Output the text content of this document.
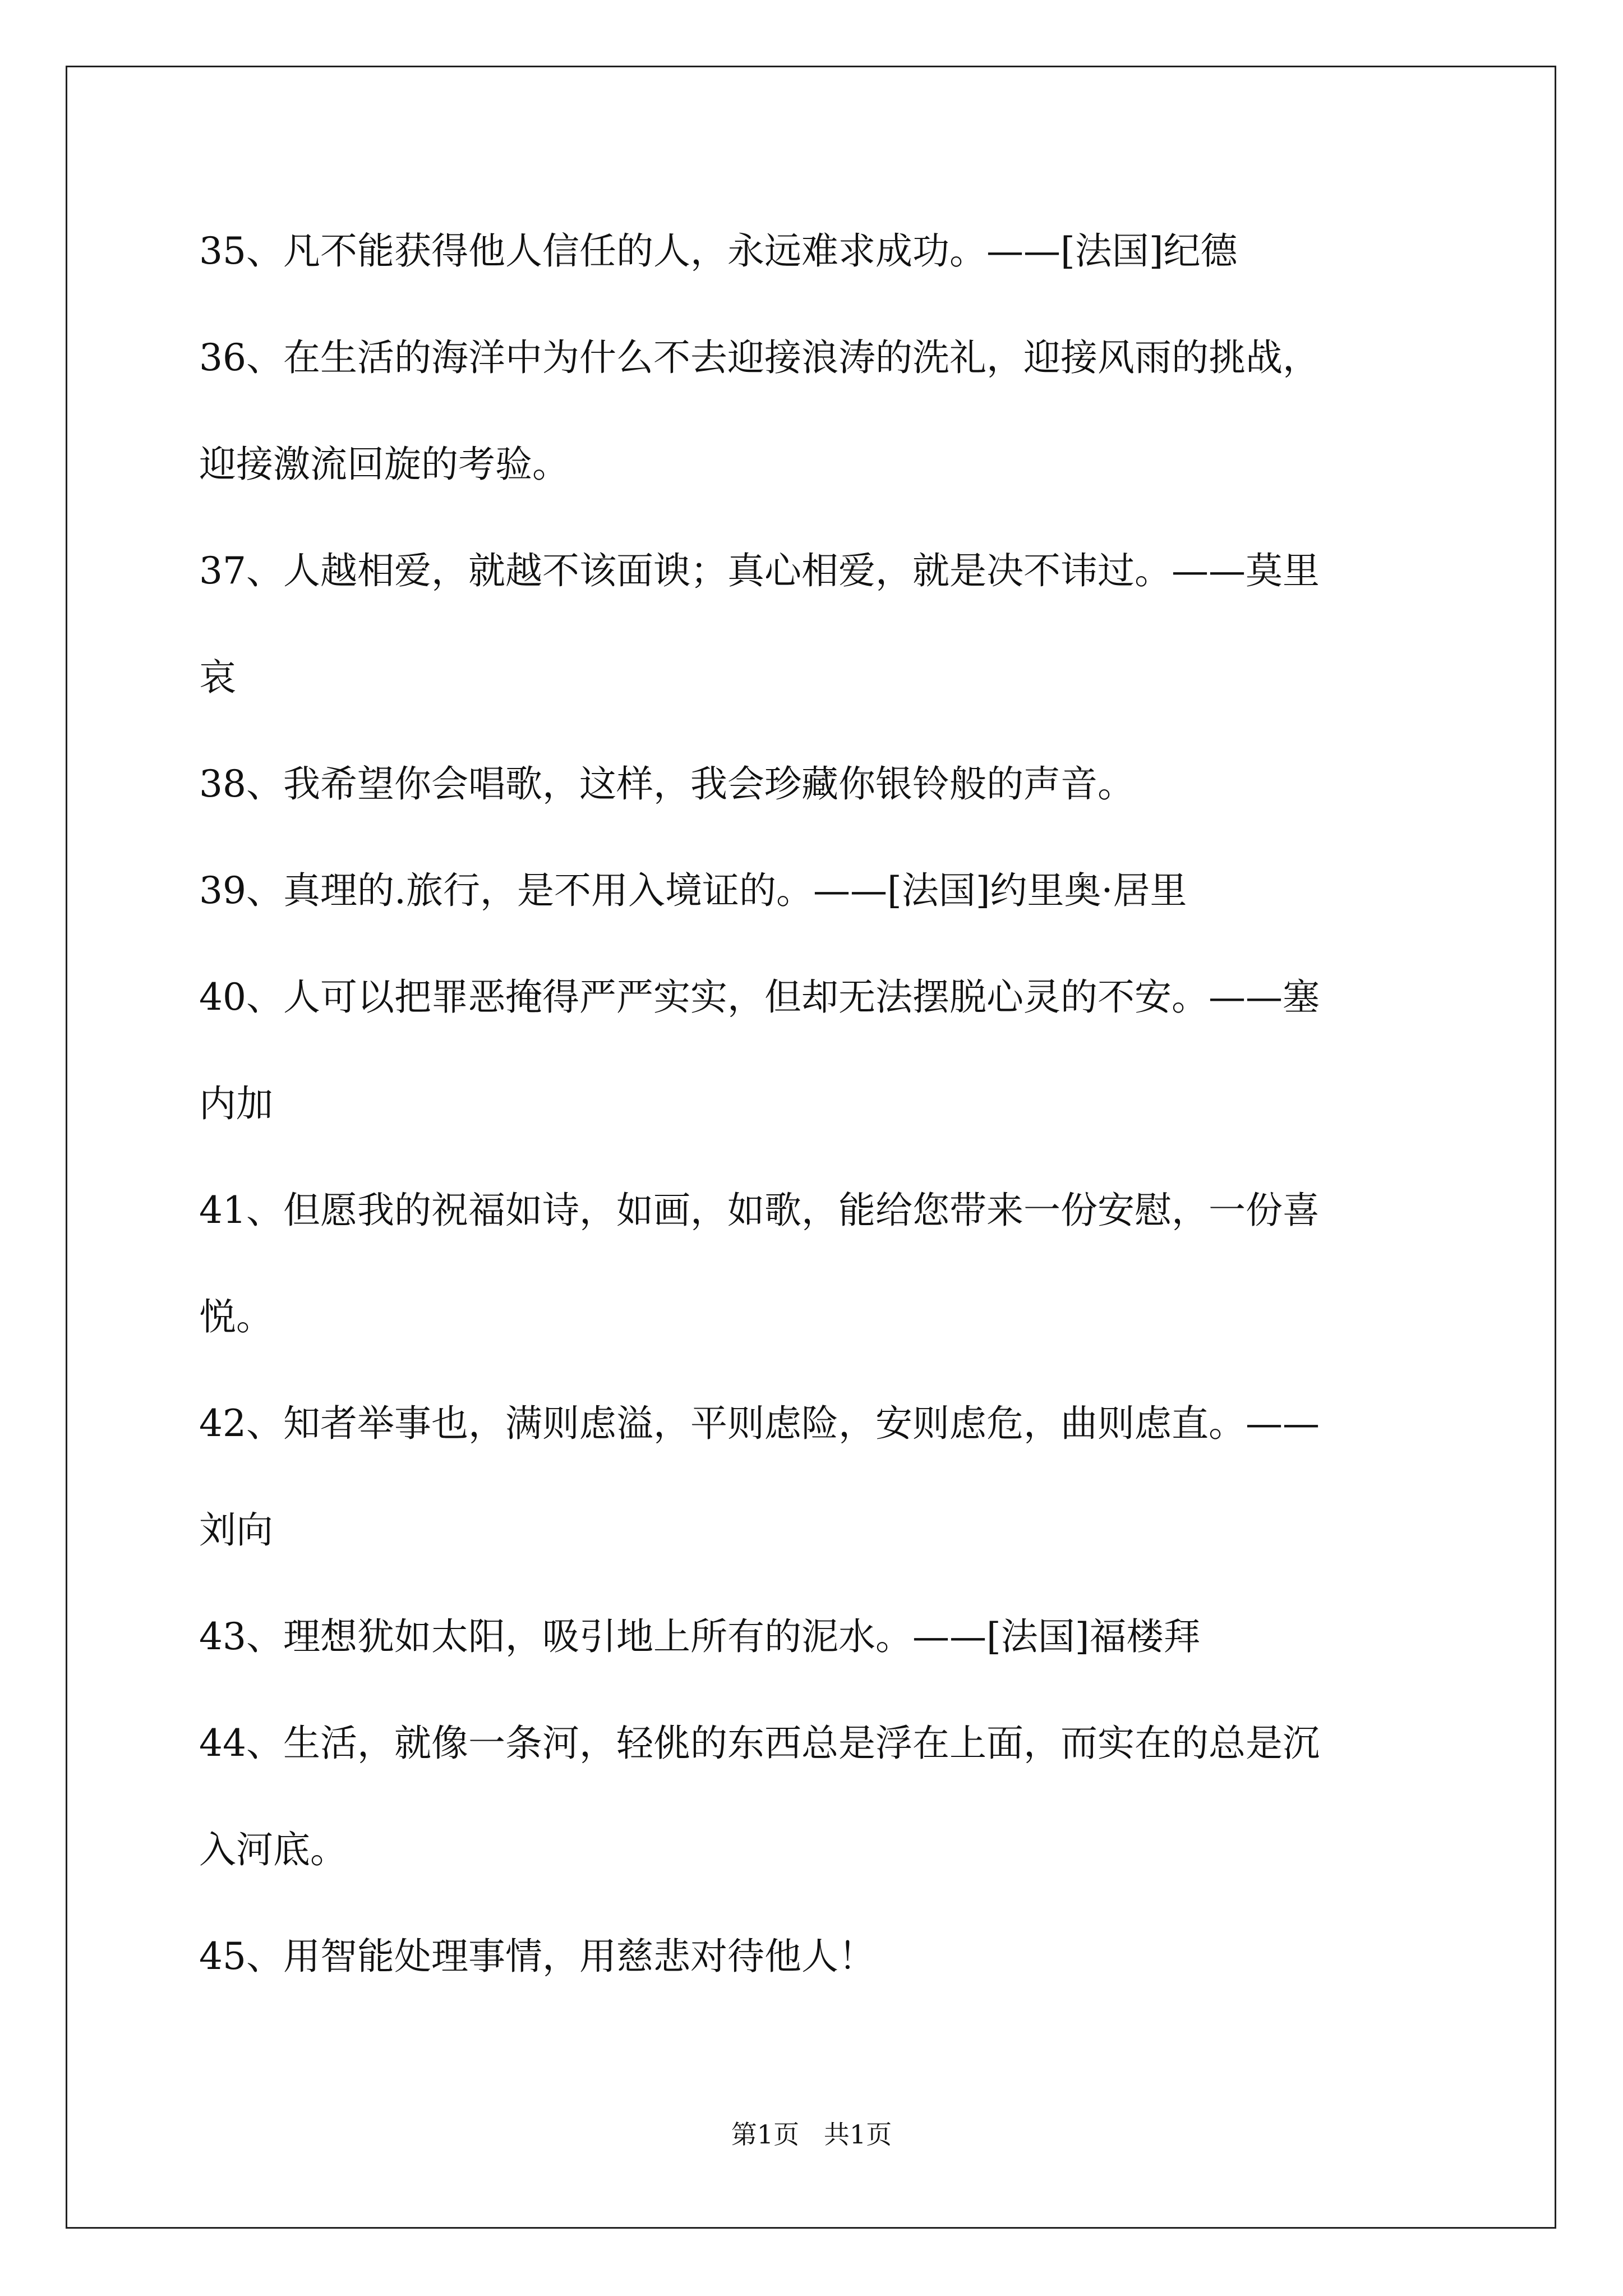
35、凡不能获得他人信任的人，永远难求成功。——[法国]纪德
36、在生活的海洋中为什么不去迎接浪涛的洗礼，迎接风雨的挑战，
迎接激流回旋的考验。
37、人越相爱，就越不该面谀；真心相爱，就是决不讳过。——莫里
哀
38、我希望你会唱歌，这样，我会珍藏你银铃般的声音。
39、真理的.旅行，是不用入境证的。——[法国]约里奥·居里
40、人可以把罪恶掩得严严实实，但却无法摆脱心灵的不安。——塞
内加
41、但愿我的祝福如诗，如画，如歌，能给您带来一份安慰，一份喜
悦。
42、知者举事也，满则虑溢，平则虑险，安则虑危，曲则虑直。——
刘向
43、理想犹如太阳，吸引地上所有的泥水。——[法国]福楼拜
44、生活，就像一条河，轻佻的东西总是浮在上面，而实在的总是沉
入河底。
45、用智能处理事情，用慈悲对待他人！
第1页   共1页
